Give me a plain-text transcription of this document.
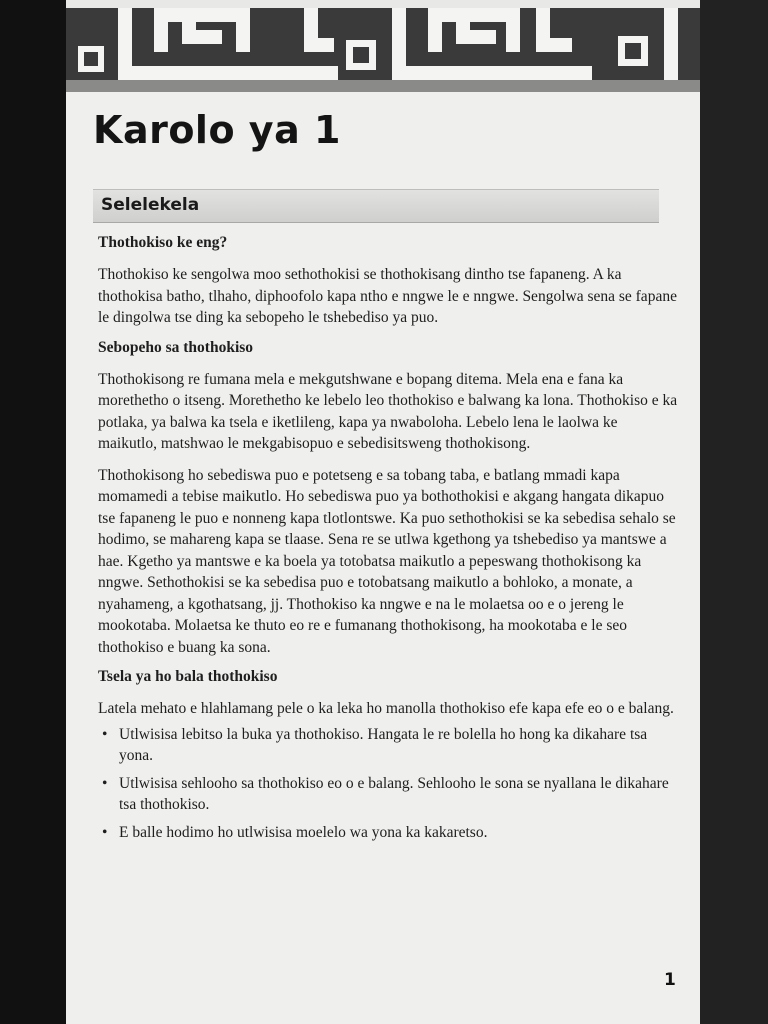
Karolo ya 1
Selelekela
Thothokiso ke eng?

Thothokiso ke sengolwa moo sethothokisi se thothokisang dintho tse fapaneng. A ka thothokisa batho, tlhaho, diphoofolo kapa ntho e nngwe le e nngwe. Sengolwa sena se fapane le dingolwa tse ding ka sebopeho le tshebediso ya puo.

Sebopeho sa thothokiso

Thothokisong re fumana mela e mekgutshwane e bopang ditema. Mela ena e fana ka morethetho o itseng. Morethetho ke lebelo leo thothokiso e balwang ka lona. Thothokiso e ka potlaka, ya balwa ka tsela e iketlileng, kapa ya nwaboloha. Lebelo lena le laolwa ke maikutlo, matshwao le mekgabisopuo e sebedisitsweng thothokisong.

Thothokisong ho sebediswa puo e potetseng e sa tobang taba, e batlang mmadi kapa momamedi a tebise maikutlo. Ho sebediswa puo ya bothothokisi e akgang hangata dikapuo tse fapaneng le puo e nonneng kapa tlotlontswe. Ka puo sethothokisi se ka sebedisa sehalo se hodimo, se mahareng kapa se tlaase. Sena re se utlwa kgethong ya tshebediso ya mantswe a hae. Kgetho ya mantswe e ka boela ya totobatsa maikutlo a pepeswang thothokisong ka nngwe. Sethothokisi se ka sebedisa puo e totobatsang maikutlo a bohloko, a monate, a nyahameng, a kgothatsang, jj. Thothokiso ka nngwe e na le molaetsa oo e o jereng le mookotaba. Molaetsa ke thuto eo re e fumanang thothokisong, ha mookotaba e le seo thothokiso e buang ka sona.

Tsela ya ho bala thothokiso

Latela mehato e hlahlamang pele o ka leka ho manolla thothokiso efe kapa efe eo o e balang.

• Utlwisisa lebitso la buka ya thothokiso. Hangata le re bolella ho hong ka dikahare tsa yona.
• Utlwisisa sehlooho sa thothokiso eo o e balang. Sehlooho le sona se nyallana le dikahare tsa thothokiso.
• E balle hodimo ho utlwisisa moelelo wa yona ka kakaretso.
1
